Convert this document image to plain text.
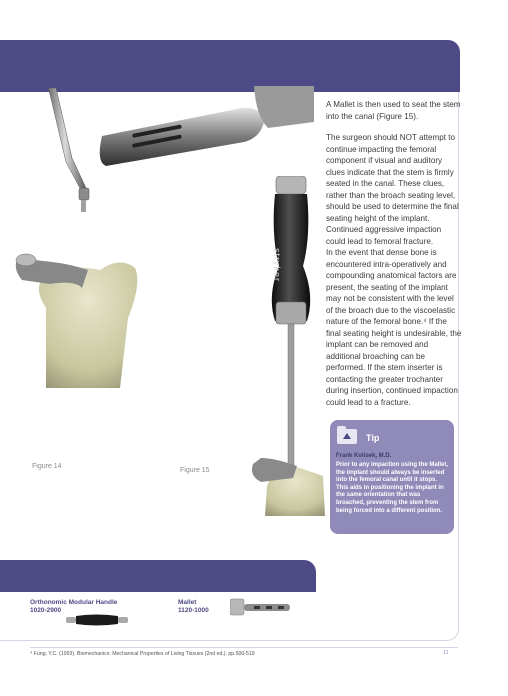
stryker
Figure 14
Figure 15

A Mallet is then used to seat the stem into the canal (Figure 15).

The surgeon should NOT attempt to continue impacting the femoral component if visual and auditory clues indicate that the stem is firmly seated in the canal. These clues, rather than the broach seating level, should be used to determine the final seating height of the implant. Continued aggressive impaction could lead to femoral fracture.

In the event that dense bone is encountered intra-operatively and compounding anatomical factors are present, the seating of the implant may not be consistent with the level of the broach due to the viscoelastic nature of the femoral bone.⁴ If the final seating height is undesirable, the implant can be removed and additional broaching can be performed. If the stem inserter is contacting the greater trochanter during insertion, continued impaction could lead to a fracture.

Tip
Frank Kolisek, M.D.
Prior to any impaction using the Mallet, the implant should always be inserted into the femoral canal until it stops. This aids in positioning the implant in the same orientation that was broached, preventing the stem from being forced into a different position.
Orthonomic Modular Handle
1020-2900
Mallet
1120-1000
⁴ Fung, Y.C. (1993). Biomechanics: Mechanical Properties of Living Tissues (2nd ed.). pp.500-519	11
